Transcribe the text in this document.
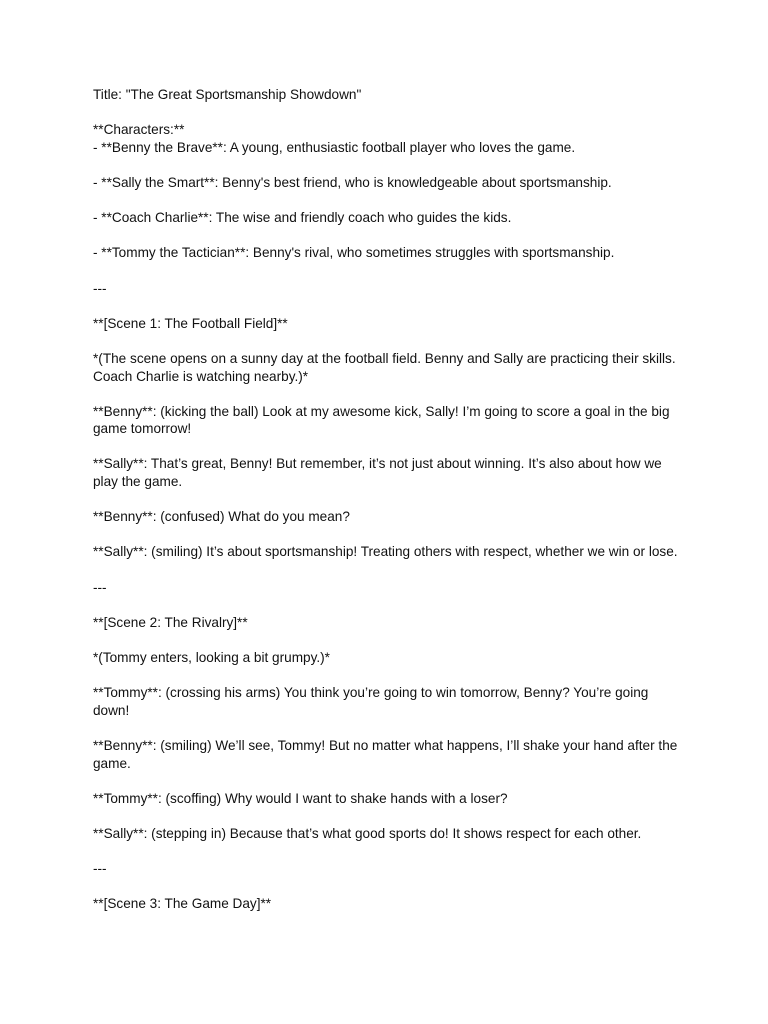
Title: "The Great Sportsmanship Showdown"

**Characters:**

- **Benny the Brave**: A young, enthusiastic football player who loves the game.

- **Sally the Smart**: Benny's best friend, who is knowledgeable about sportsmanship.

- **Coach Charlie**: The wise and friendly coach who guides the kids.

- **Tommy the Tactician**: Benny's rival, who sometimes struggles with sportsmanship.

---

**[Scene 1: The Football Field]**

*(The scene opens on a sunny day at the football field. Benny and Sally are practicing their skills. Coach Charlie is watching nearby.)*

**Benny**: (kicking the ball) Look at my awesome kick, Sally! I’m going to score a goal in the big game tomorrow!

**Sally**: That’s great, Benny! But remember, it’s not just about winning. It’s also about how we play the game.

**Benny**: (confused) What do you mean?

**Sally**: (smiling) It’s about sportsmanship! Treating others with respect, whether we win or lose.

---

**[Scene 2: The Rivalry]**

*(Tommy enters, looking a bit grumpy.)*

**Tommy**: (crossing his arms) You think you’re going to win tomorrow, Benny? You’re going down!

**Benny**: (smiling) We’ll see, Tommy! But no matter what happens, I’ll shake your hand after the game.

**Tommy**: (scoffing) Why would I want to shake hands with a loser?

**Sally**: (stepping in) Because that’s what good sports do! It shows respect for each other.

---

**[Scene 3: The Game Day]**
